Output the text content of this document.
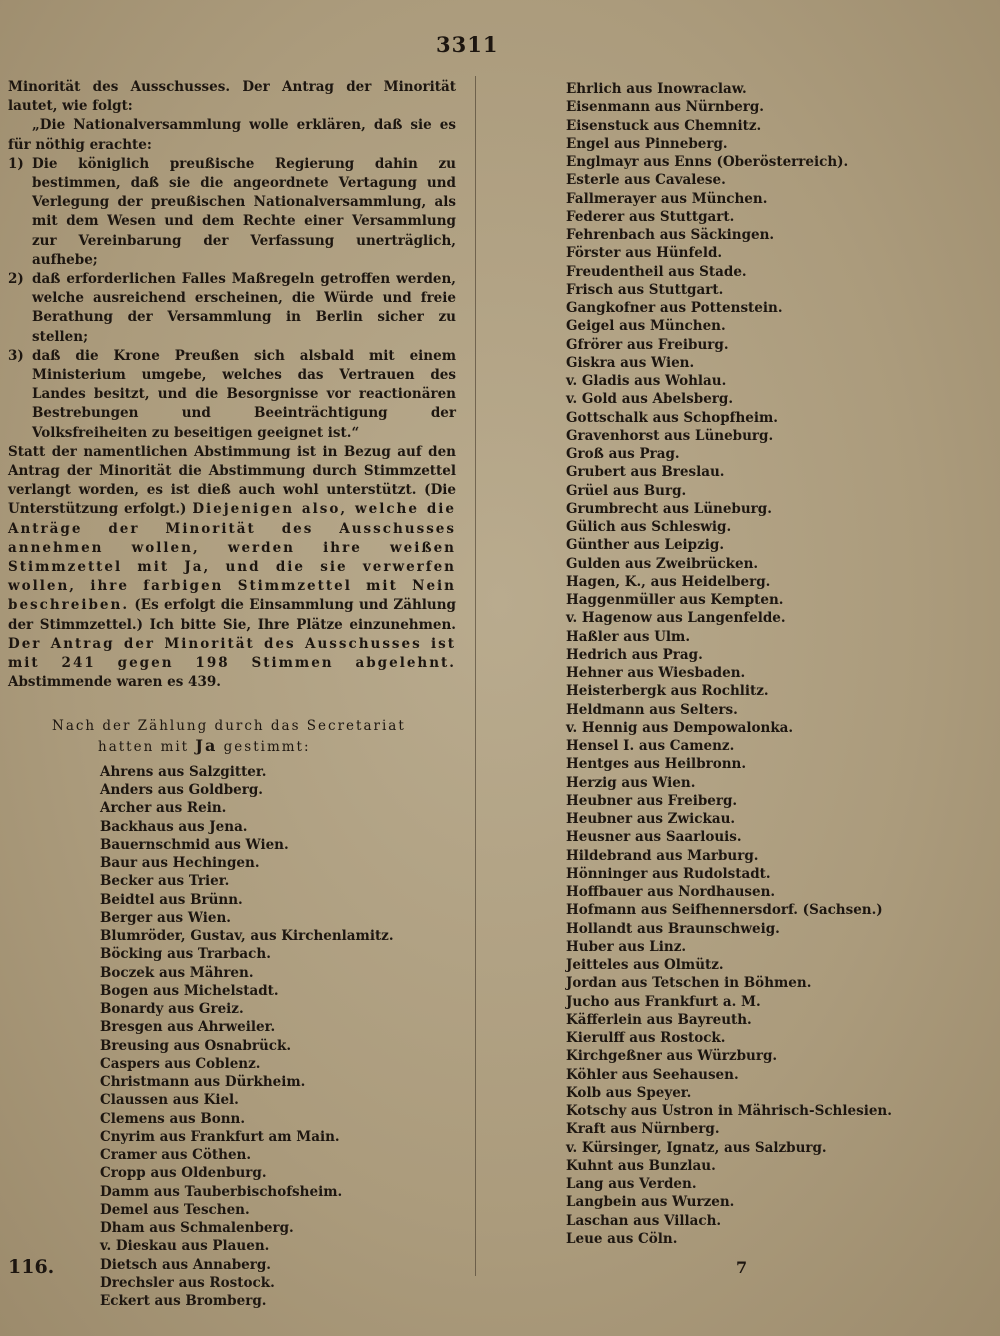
3311

Minorität des Ausschusses. Der Antrag der Minorität lautet, wie folgt:

„Die Nationalversammlung wolle erklären, daß sie es für nöthig erachte:

1) Die königlich preußische Regierung dahin zu bestimmen, daß sie die angeordnete Vertagung und Verlegung der preußischen Nationalversammlung, als mit dem Wesen und dem Rechte einer Versammlung zur Vereinbarung der Verfassung unerträglich, aufhebe;
2) daß erforderlichen Falles Maßregeln getroffen werden, welche ausreichend erscheinen, die Würde und freie Berathung der Versammlung in Berlin sicher zu stellen;
3) daß die Krone Preußen sich alsbald mit einem Ministerium umgebe, welches das Vertrauen des Landes besitzt, und die Besorgnisse vor reactionären Bestrebungen und Beeinträchtigung der Volksfreiheiten zu beseitigen geeignet ist.“

Statt der namentlichen Abstimmung ist in Bezug auf den Antrag der Minorität die Abstimmung durch Stimmzettel verlangt worden, es ist dieß auch wohl unterstützt. (Die Unterstützung erfolgt.) Diejenigen also, welche die Anträge der Minorität des Ausschusses annehmen wollen, werden ihre weißen Stimmzettel mit Ja, und die sie verwerfen wollen, ihre farbigen Stimmzettel mit Nein beschreiben. (Es erfolgt die Einsammlung und Zählung der Stimmzettel.) Ich bitte Sie, Ihre Plätze einzunehmen. Der Antrag der Minorität des Ausschusses ist mit 241 gegen 198 Stimmen abgelehnt. Abstimmende waren es 439.

Nach der Zählung durch das Secretariat

hatten mit Ja gestimmt:

Ahrens aus Salzgitter.
Anders aus Goldberg.
Archer aus Rein.
Backhaus aus Jena.
Bauernschmid aus Wien.
Baur aus Hechingen.
Becker aus Trier.
Beidtel aus Brünn.
Berger aus Wien.
Blumröder, Gustav, aus Kirchenlamitz.
Böcking aus Trarbach.
Boczek aus Mähren.
Bogen aus Michelstadt.
Bonardy aus Greiz.
Bresgen aus Ahrweiler.
Breusing aus Osnabrück.
Caspers aus Coblenz.
Christmann aus Dürkheim.
Claussen aus Kiel.
Clemens aus Bonn.
Cnyrim aus Frankfurt am Main.
Cramer aus Cöthen.
Cropp aus Oldenburg.
Damm aus Tauberbischofsheim.
Demel aus Teschen.
Dham aus Schmalenberg.
v. Dieskau aus Plauen.
Dietsch aus Annaberg.
Drechsler aus Rostock.
Eckert aus Bromberg.
Ehrlich aus Inowraclaw.
Eisenmann aus Nürnberg.
Eisenstuck aus Chemnitz.
Engel aus Pinneberg.
Englmayr aus Enns (Oberösterreich).
Esterle aus Cavalese.
Fallmerayer aus München.
Federer aus Stuttgart.
Fehrenbach aus Säckingen.
Förster aus Hünfeld.
Freudentheil aus Stade.
Frisch aus Stuttgart.
Gangkofner aus Pottenstein.
Geigel aus München.
Gfrörer aus Freiburg.
Giskra aus Wien.
v. Gladis aus Wohlau.
v. Gold aus Abelsberg.
Gottschalk aus Schopfheim.
Gravenhorst aus Lüneburg.
Groß aus Prag.
Grubert aus Breslau.
Grüel aus Burg.
Grumbrecht aus Lüneburg.
Gülich aus Schleswig.
Günther aus Leipzig.
Gulden aus Zweibrücken.
Hagen, K., aus Heidelberg.
Haggenmüller aus Kempten.
v. Hagenow aus Langenfelde.
Haßler aus Ulm.
Hedrich aus Prag.
Hehner aus Wiesbaden.
Heisterbergk aus Rochlitz.
Heldmann aus Selters.
v. Hennig aus Dempowalonka.
Hensel I. aus Camenz.
Hentges aus Heilbronn.
Herzig aus Wien.
Heubner aus Freiberg.
Heubner aus Zwickau.
Heusner aus Saarlouis.
Hildebrand aus Marburg.
Hönninger aus Rudolstadt.
Hoffbauer aus Nordhausen.
Hofmann aus Seifhennersdorf. (Sachsen.)
Hollandt aus Braunschweig.
Huber aus Linz.
Jeitteles aus Olmütz.
Jordan aus Tetschen in Böhmen.
Jucho aus Frankfurt a. M.
Käfferlein aus Bayreuth.
Kierulff aus Rostock.
Kirchgeßner aus Würzburg.
Köhler aus Seehausen.
Kolb aus Speyer.
Kotschy aus Ustron in Mährisch-Schlesien.
Kraft aus Nürnberg.
v. Kürsinger, Ignatz, aus Salzburg.
Kuhnt aus Bunzlau.
Lang aus Verden.
Langbein aus Wurzen.
Laschan aus Villach.
Leue aus Cöln.
116.	7
